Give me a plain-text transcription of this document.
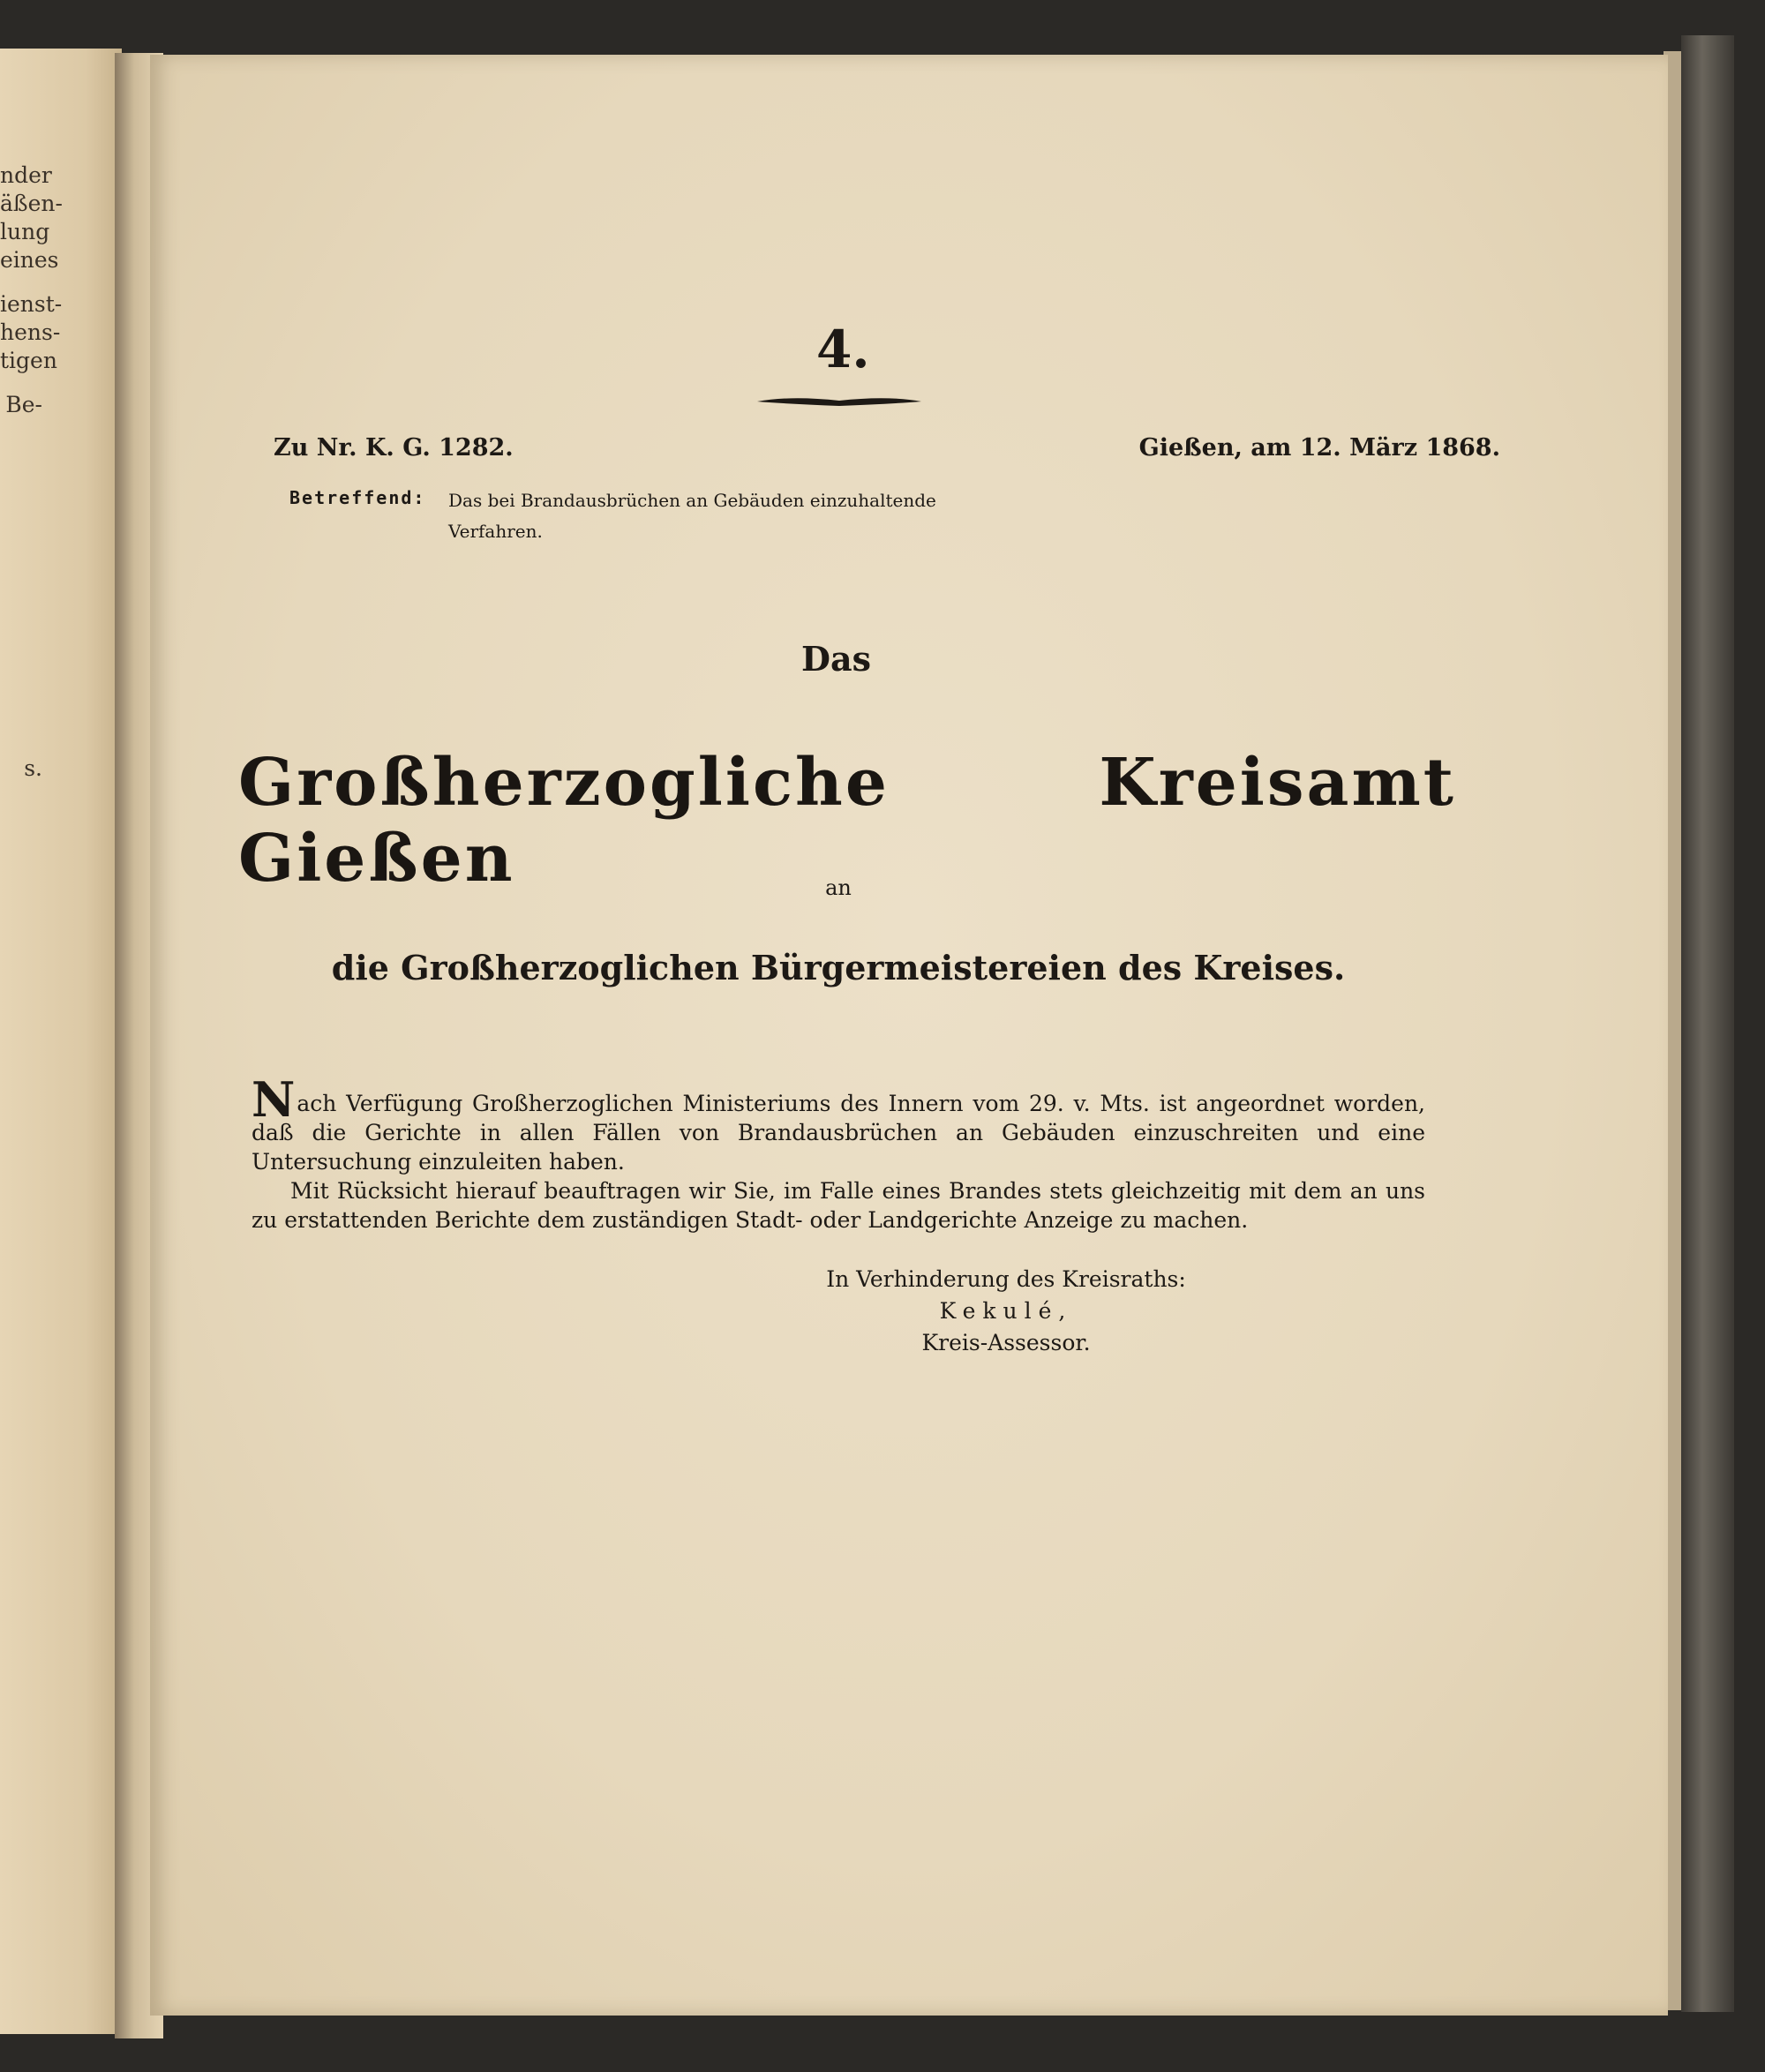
nder
äßen-
lung
eines
ienst-
hens-
tigen
Be-
s.
4.
Zu Nr. K. G. 1282.	Gießen, am 12. März 1868.
Betreffend: Das bei Brandausbrüchen an Gebäuden einzuhaltende Verfahren.
Das
Großherzogliche Kreisamt Gießen	an
die Großherzoglichen Bürgermeistereien des Kreises.

Nach Verfügung Großherzoglichen Ministeriums des Innern vom 29. v. Mts. ist angeordnet worden, daß die Gerichte in allen Fällen von Brandausbrüchen an Gebäuden einzuschreiten und eine Untersuchung einzuleiten haben.

Mit Rücksicht hierauf beauftragen wir Sie, im Falle eines Brandes stets gleichzeitig mit dem an uns zu erstattenden Berichte dem zuständigen Stadt- oder Landgerichte Anzeige zu machen.

In Verhinderung des Kreisraths:
Kekulé,
Kreis-Assessor.
